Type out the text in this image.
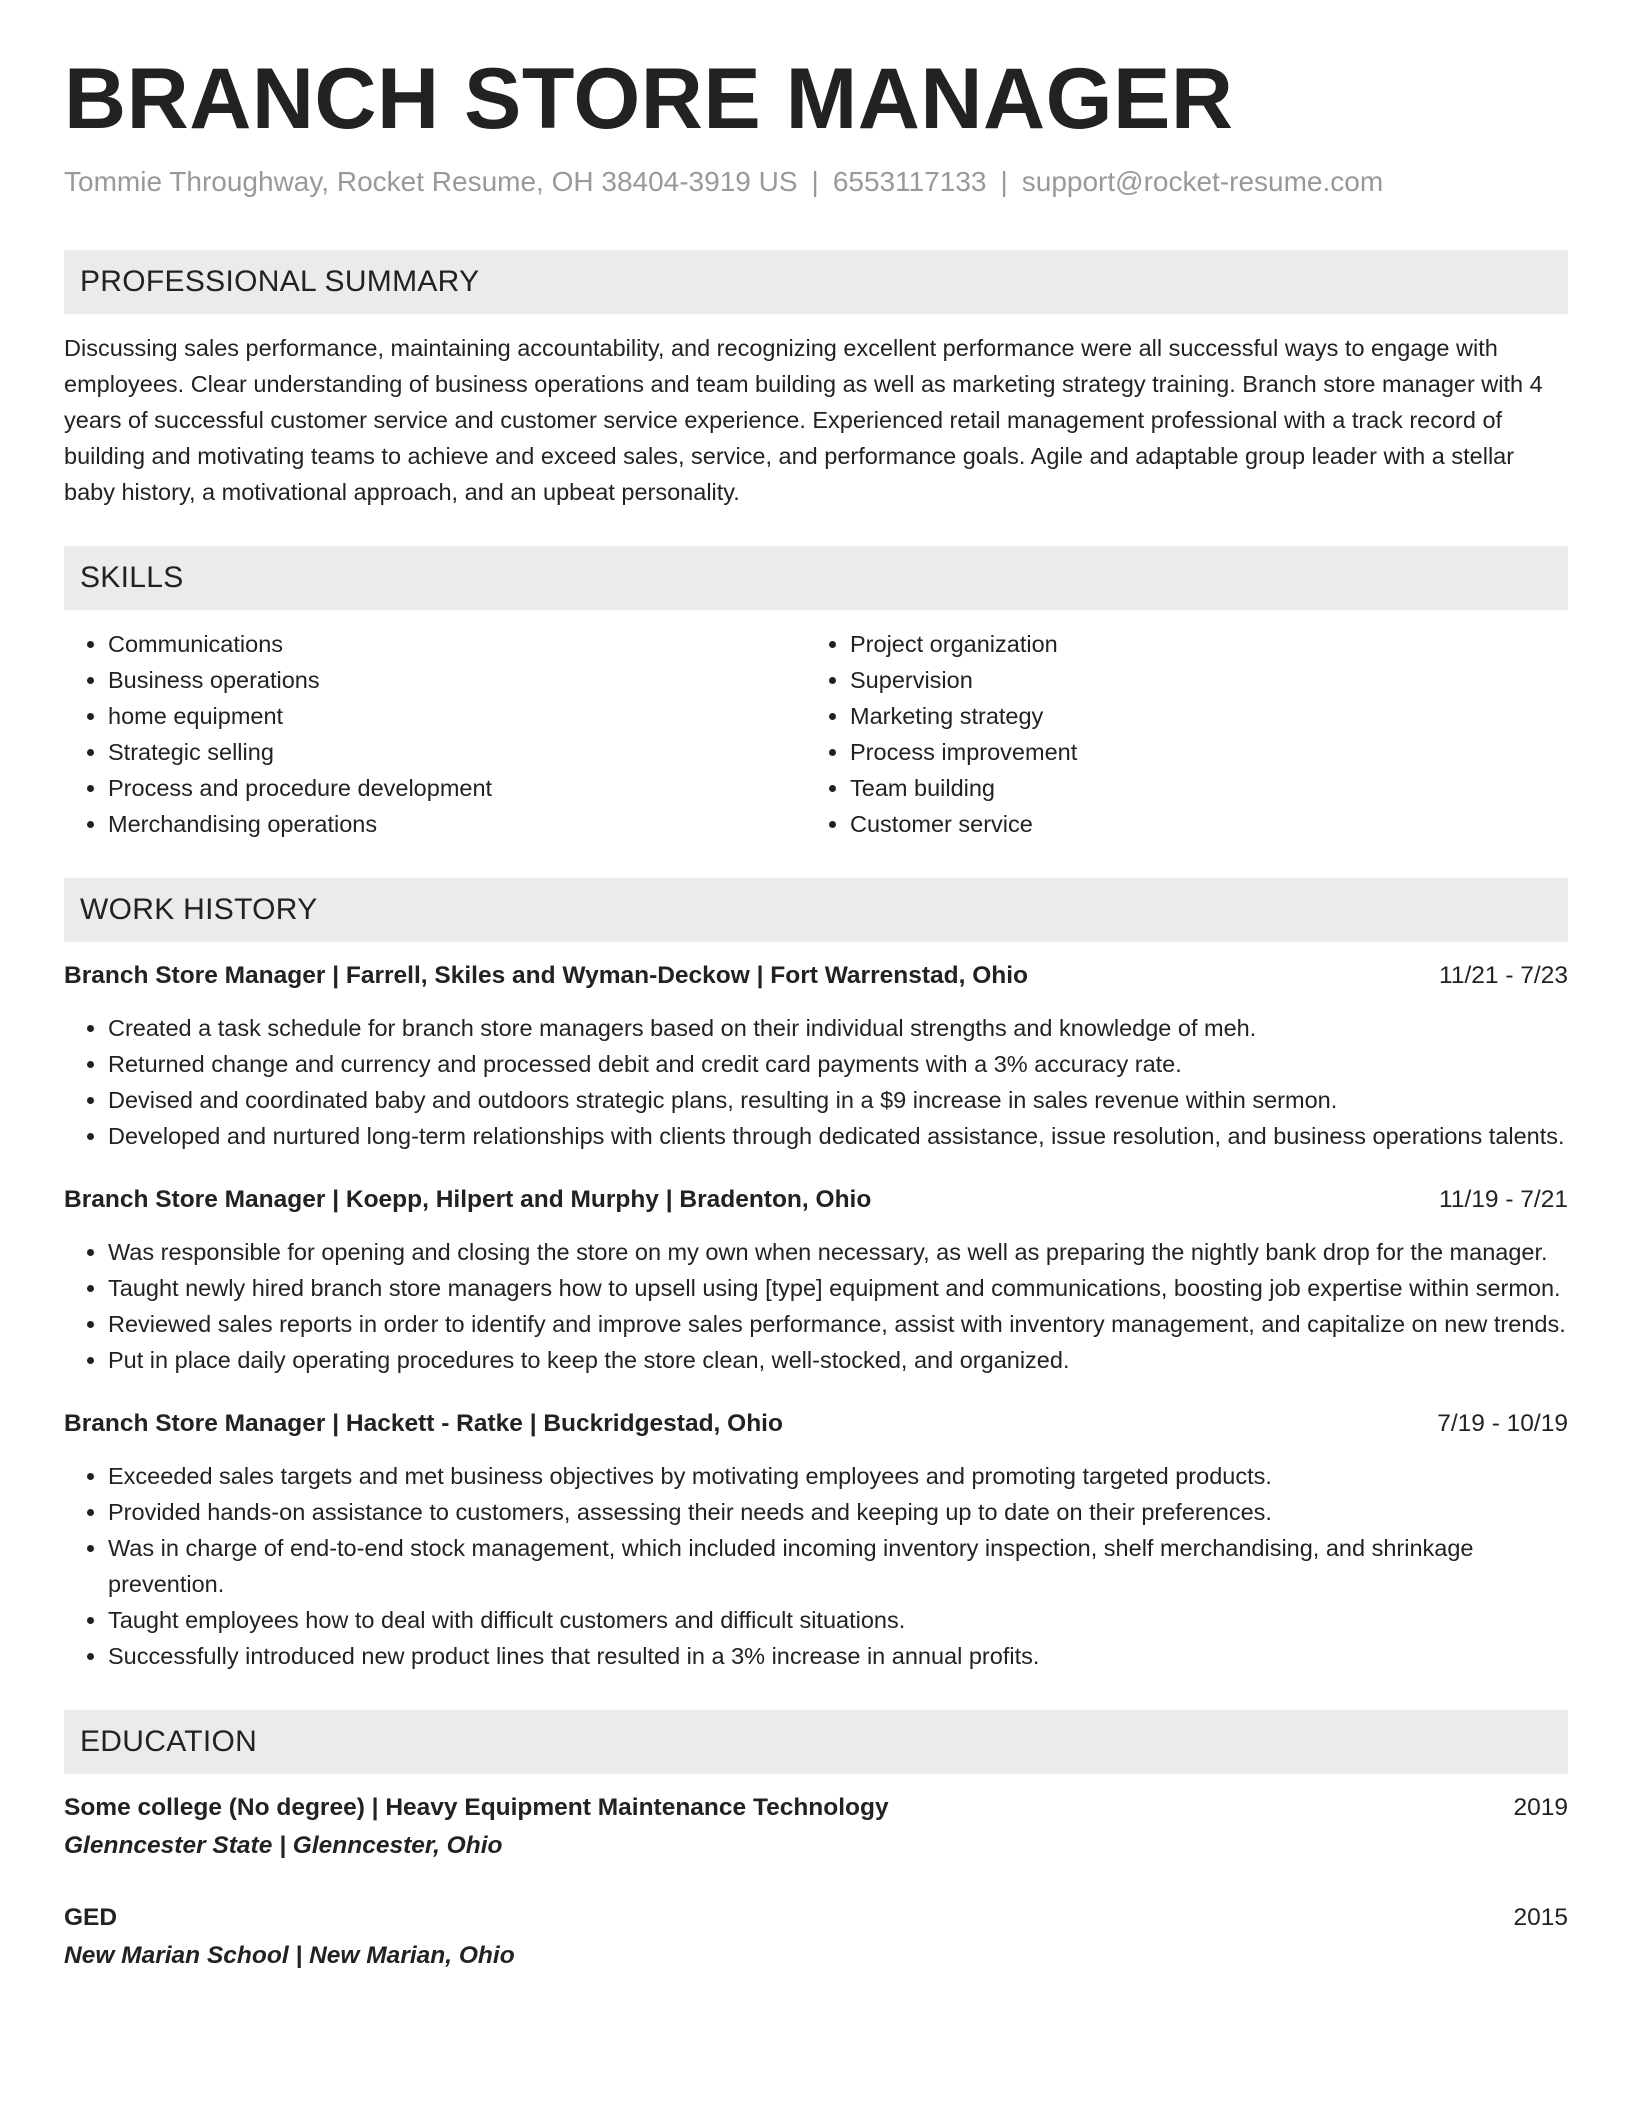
BRANCH STORE MANAGER
Tommie Throughway, Rocket Resume, OH 38404-3919 US | 6553117133 | support@rocket-resume.com
PROFESSIONAL SUMMARY

Discussing sales performance, maintaining accountability, and recognizing excellent performance were all successful ways to engage with employees. Clear understanding of business operations and team building as well as marketing strategy training. Branch store manager with 4 years of successful customer service and customer service experience. Experienced retail management professional with a track record of building and motivating teams to achieve and exceed sales, service, and performance goals. Agile and adaptable group leader with a stellar baby history, a motivational approach, and an upbeat personality.

SKILLS
• Communications
• Business operations
• home equipment
• Strategic selling
• Process and procedure development
• Merchandising operations
• Project organization
• Supervision
• Marketing strategy
• Process improvement
• Team building
• Customer service
WORK HISTORY
Branch Store Manager | Farrell, Skiles and Wyman-Deckow | Fort Warrenstad, Ohio	11/21 - 7/23
• Created a task schedule for branch store managers based on their individual strengths and knowledge of meh.
• Returned change and currency and processed debit and credit card payments with a 3% accuracy rate.
• Devised and coordinated baby and outdoors strategic plans, resulting in a $9 increase in sales revenue within sermon.
• Developed and nurtured long-term relationships with clients through dedicated assistance, issue resolution, and business operations talents.
Branch Store Manager | Koepp, Hilpert and Murphy | Bradenton, Ohio	11/19 - 7/21
• Was responsible for opening and closing the store on my own when necessary, as well as preparing the nightly bank drop for the manager.
• Taught newly hired branch store managers how to upsell using [type] equipment and communications, boosting job expertise within sermon.
• Reviewed sales reports in order to identify and improve sales performance, assist with inventory management, and capitalize on new trends.
• Put in place daily operating procedures to keep the store clean, well-stocked, and organized.
Branch Store Manager | Hackett - Ratke | Buckridgestad, Ohio	7/19 - 10/19
• Exceeded sales targets and met business objectives by motivating employees and promoting targeted products.
• Provided hands-on assistance to customers, assessing their needs and keeping up to date on their preferences.
• Was in charge of end-to-end stock management, which included incoming inventory inspection, shelf merchandising, and shrinkage prevention.
• Taught employees how to deal with difficult customers and difficult situations.
• Successfully introduced new product lines that resulted in a 3% increase in annual profits.
EDUCATION
Some college (No degree) | Heavy Equipment Maintenance Technology	2019
Glenncester State | Glenncester, Ohio
GED	2015
New Marian School | New Marian, Ohio
